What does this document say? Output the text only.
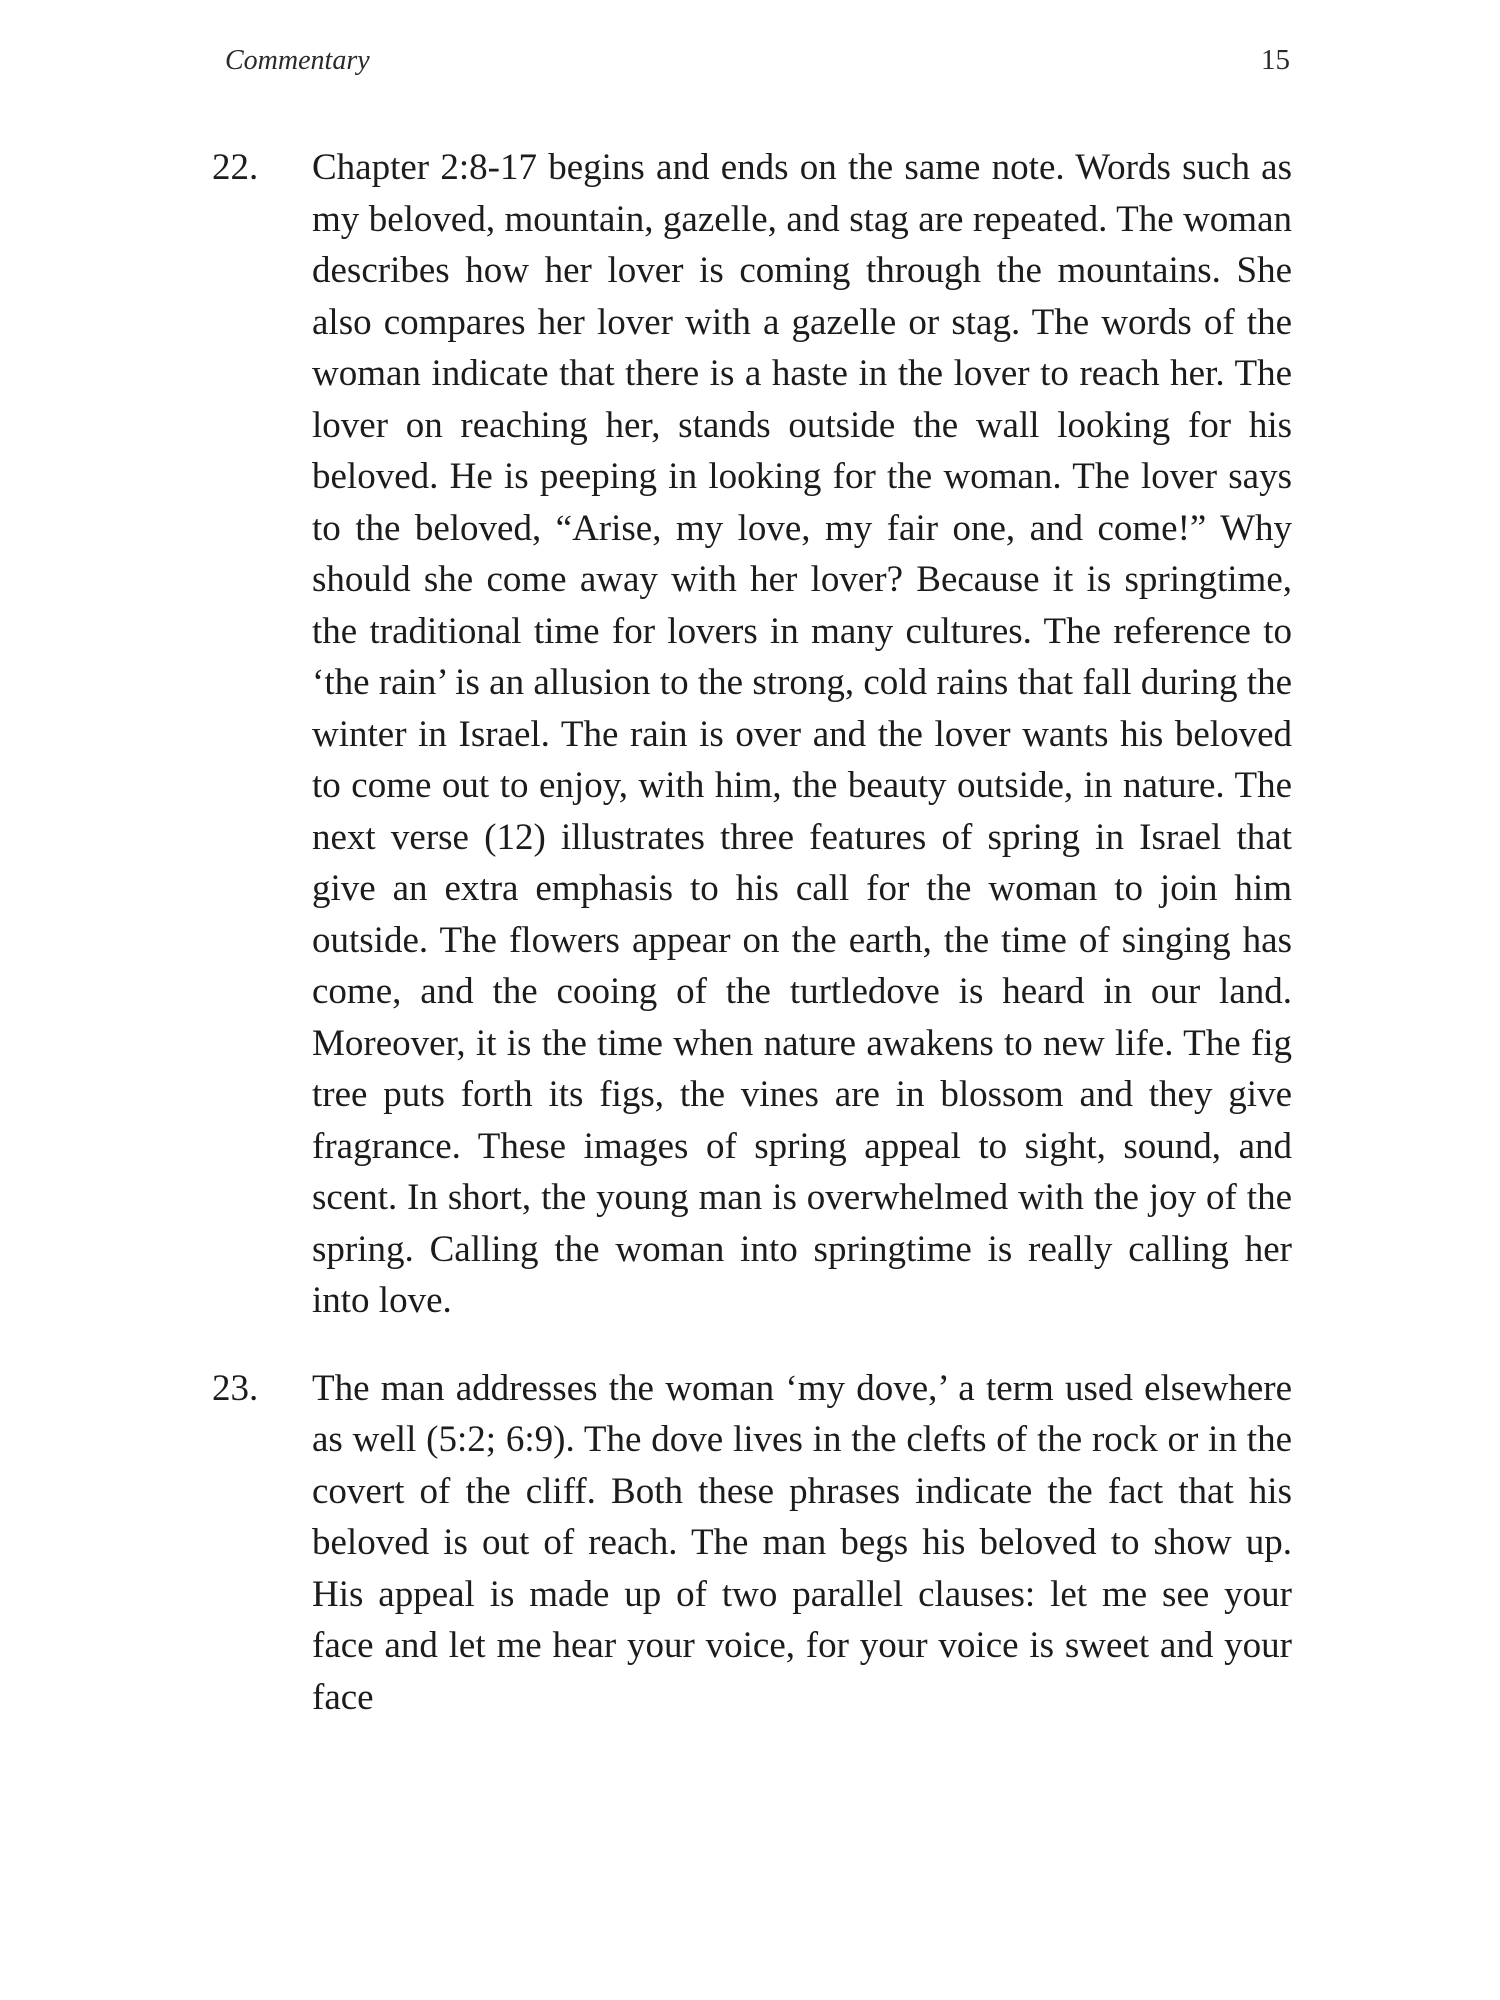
Commentary	15
22.	Chapter 2:8-17 begins and ends on the same note. Words such as my beloved, mountain, gazelle, and stag are repeated. The woman describes how her lover is coming through the mountains. She also compares her lover with a gazelle or stag. The words of the woman indicate that there is a haste in the lover to reach her. The lover on reaching her, stands outside the wall looking for his beloved. He is peeping in looking for the woman. The lover says to the beloved, “Arise, my love, my fair one, and come!” Why should she come away with her lover? Because it is springtime, the traditional time for lovers in many cultures. The reference to ‘the rain’ is an allusion to the strong, cold rains that fall during the winter in Israel. The rain is over and the lover wants his beloved to come out to enjoy, with him, the beauty outside, in nature. The next verse (12) illustrates three features of spring in Israel that give an extra emphasis to his call for the woman to join him outside. The flowers appear on the earth, the time of singing has come, and the cooing of the turtledove is heard in our land. Moreover, it is the time when nature awakens to new life. The fig tree puts forth its figs, the vines are in blossom and they give fragrance. These images of spring appeal to sight, sound, and scent. In short, the young man is overwhelmed with the joy of the spring. Calling the woman into springtime is really calling her into love.

23.	The man addresses the woman ‘my dove,’ a term used elsewhere as well (5:2; 6:9). The dove lives in the clefts of the rock or in the covert of the cliff. Both these phrases indicate the fact that his beloved is out of reach. The man begs his beloved to show up. His appeal is made up of two parallel clauses: let me see your face and let me hear your voice, for your voice is sweet and your face
